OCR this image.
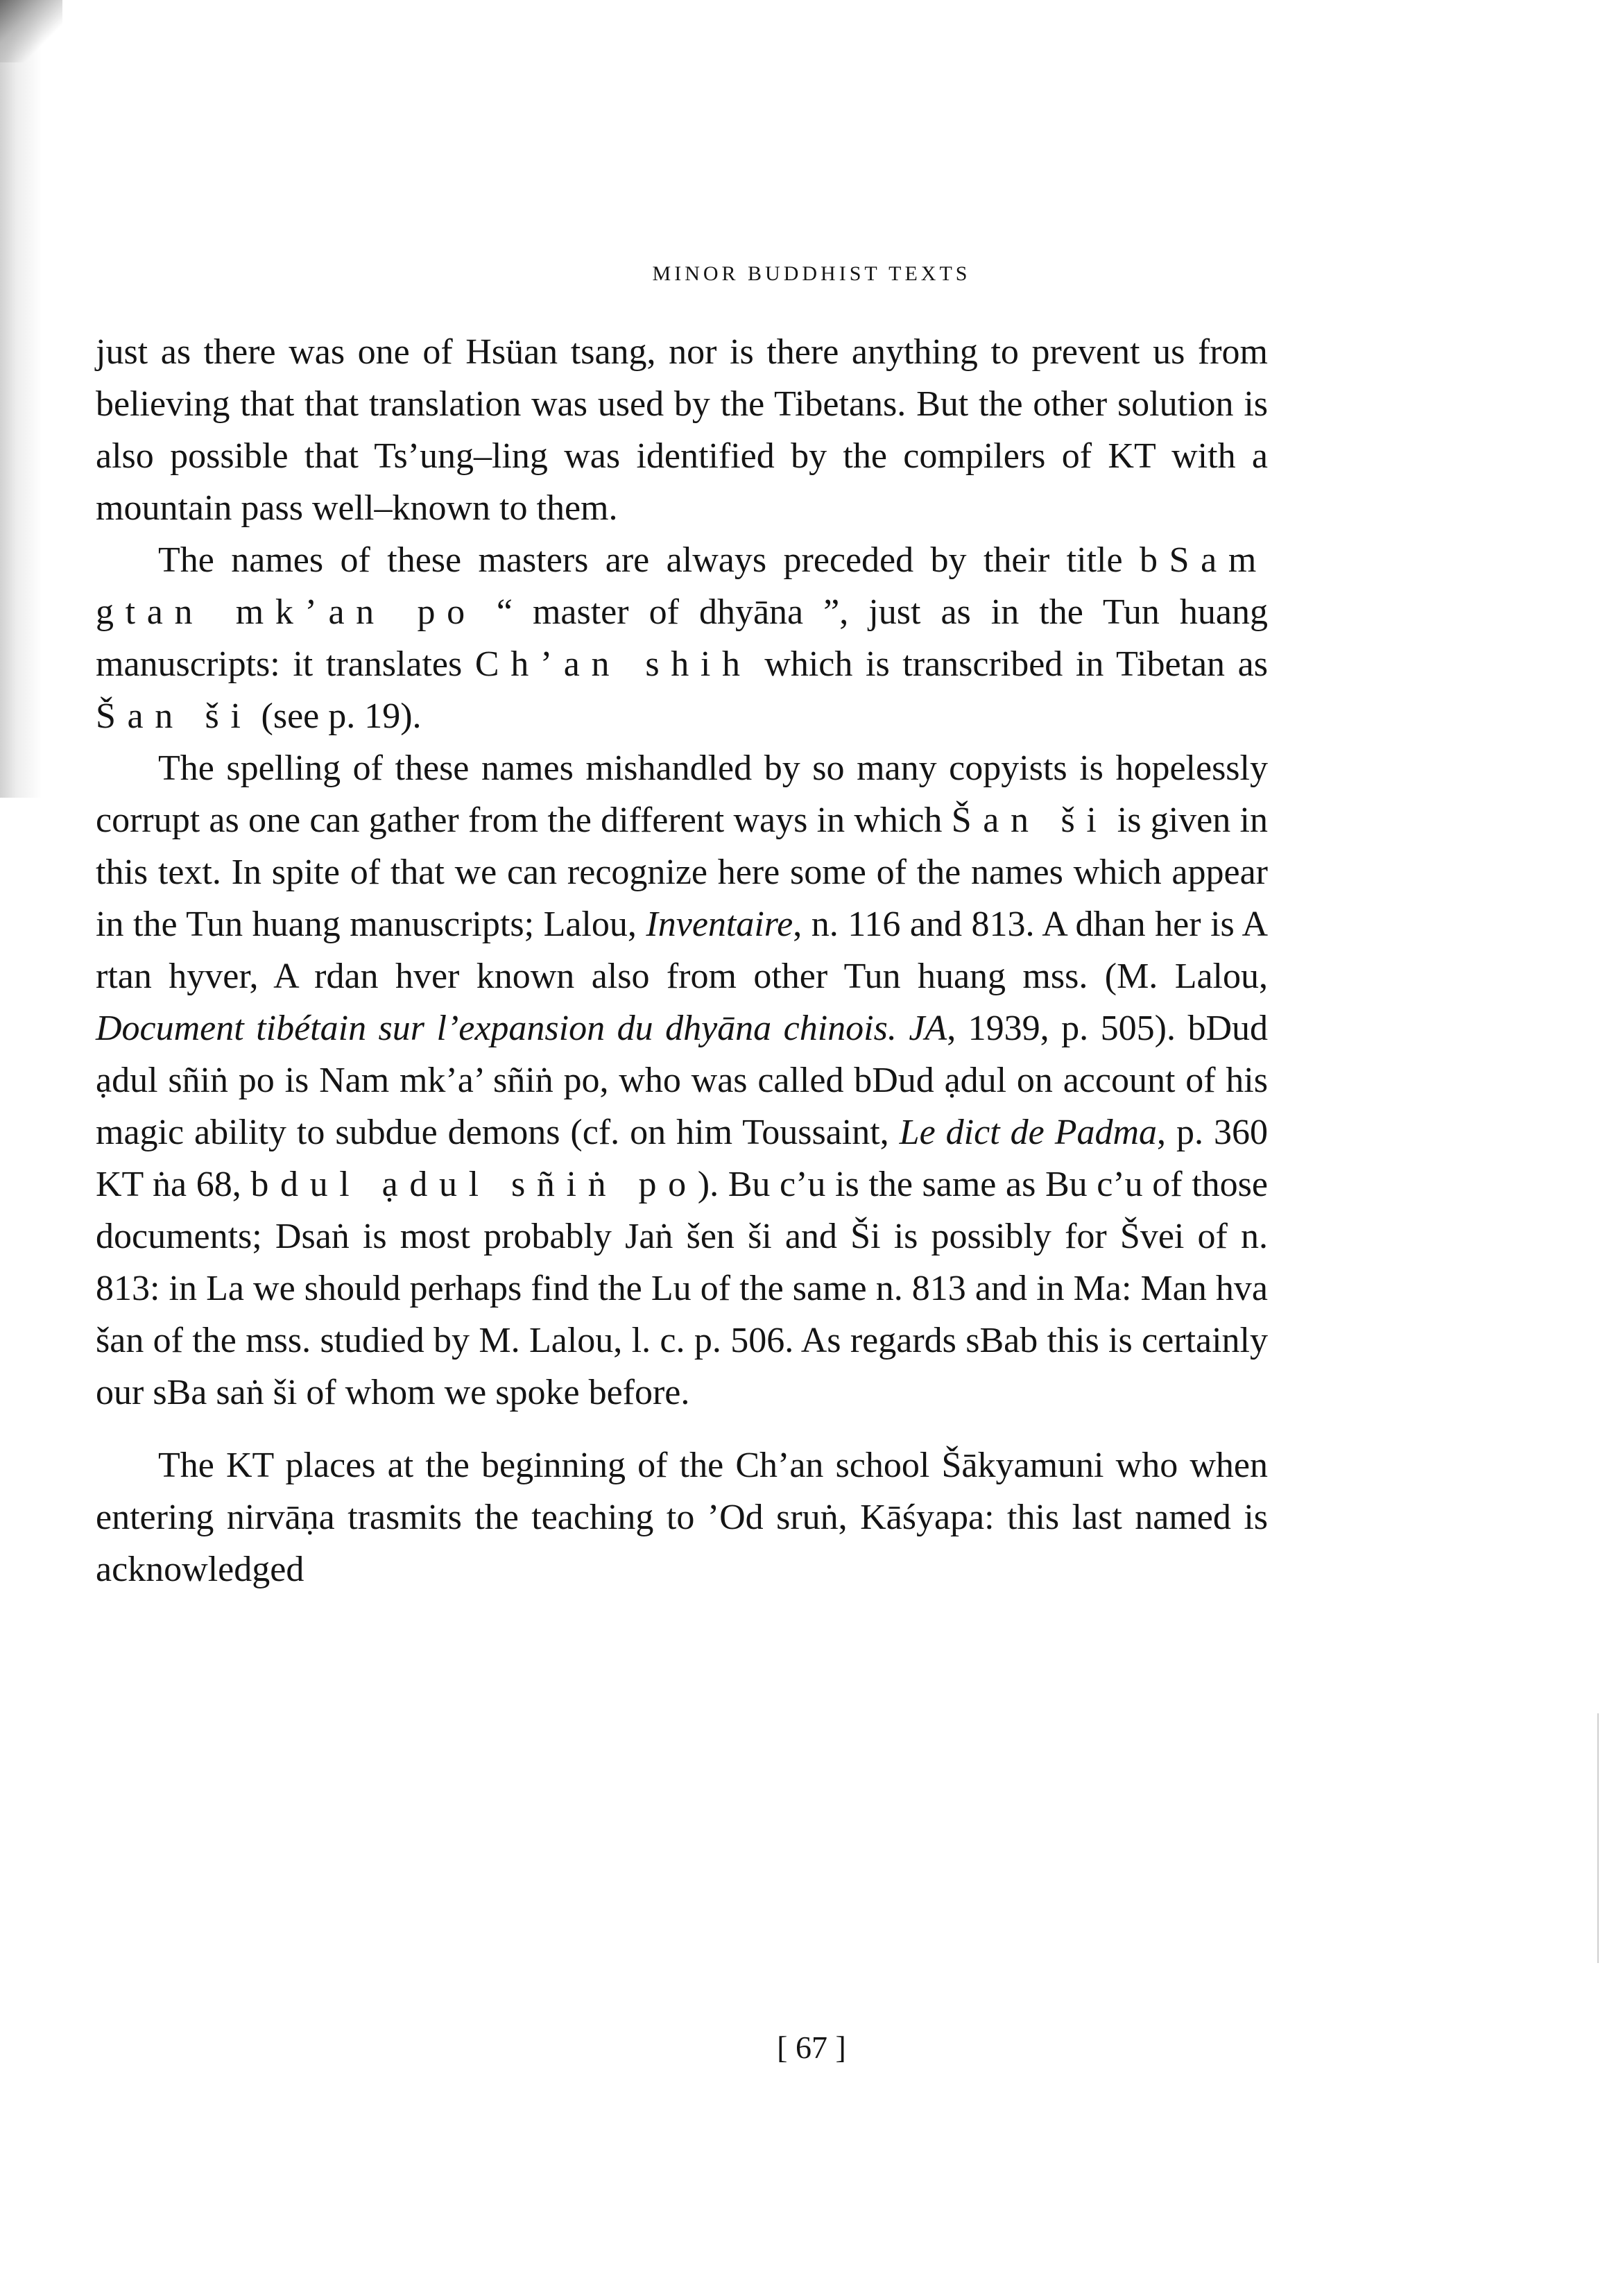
MINOR BUDDHIST TEXTS

just as there was one of Hsüan tsang, nor is there anything to prevent us from believing that that translation was used by the Tibetans. But the other solution is also possible that Ts’ung–ling was identified by the compilers of KT with a mountain pass well–known to them.

The names of these masters are always preceded by their title bSam gtan mk’an po “ master of dhyāna ”, just as in the Tun huang manuscripts: it translates Ch’an shih which is transcribed in Tibetan as Šan ši (see p. 19).

The spelling of these names mishandled by so many copyists is hopelessly corrupt as one can gather from the different ways in which Šan ši is given in this text. In spite of that we can recognize here some of the names which appear in the Tun huang manuscripts; Lalou, Inventaire, n. 116 and 813. A dhan her is A rtan hyver, A rdan hver known also from other Tun huang mss. (M. Lalou, Document tibétain sur l’expansion du dhyāna chinois. JA, 1939, p. 505). bDud ạdul sñiṅ po is Nam mk’a’ sñiṅ po, who was called bDud ạdul on account of his magic ability to subdue demons (cf. on him Toussaint, Le dict de Padma, p. 360 KT ṅa 68, bdul ạdul sñiṅ po). Bu c’u is the same as Bu c’u of those documents; Dsaṅ is most probably Jaṅ šen ši and Ši is possibly for Švei of n. 813: in La we should perhaps find the Lu of the same n. 813 and in Ma: Man hva šan of the mss. studied by M. Lalou, l. c. p. 506. As regards sBab this is certainly our sBa saṅ ši of whom we spoke before.

The KT places at the beginning of the Ch’an school Šākyamuni who when entering nirvāṇa trasmits the teaching to ’Od sruṅ, Kāśyapa: this last named is acknowledged

[ 67 ]
